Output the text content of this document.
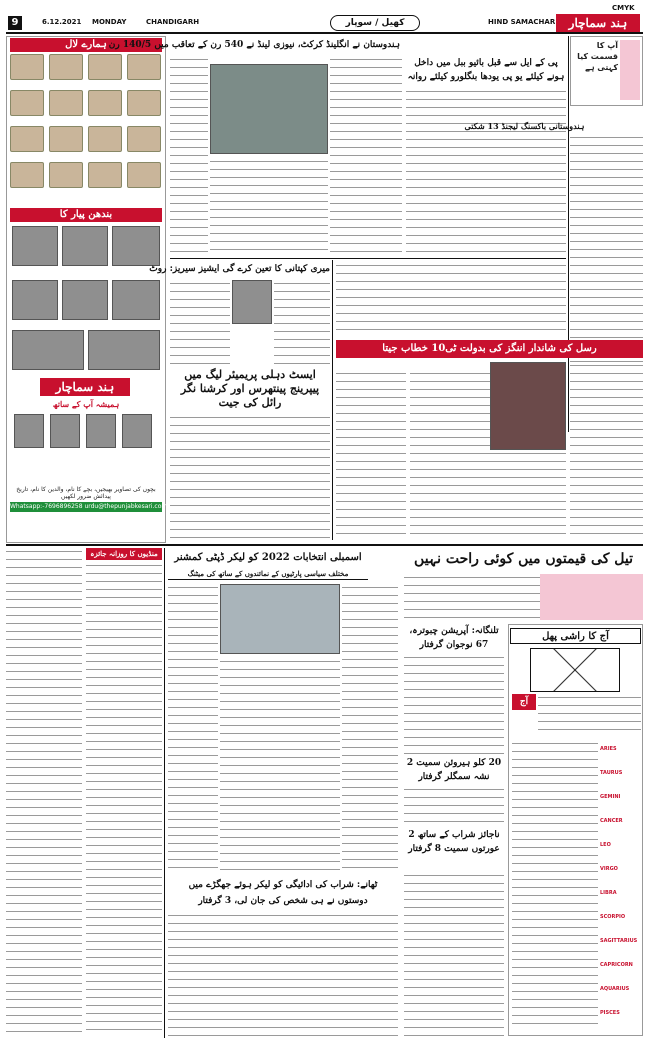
CMYK
9	6.12.2021 MONDAY	CHANDIGARH	کھیل / سوپار	HIND SAMACHAR	ہند سماچار
ہمارے لال
بندھن پیار کا
ہند سماچار
ہمیشہ آپ کے ساتھ
بچوں کی تصاویر بھیجیں، بچے کا نام، والدین کا نام، تاریخ پیدائش ضرور لکھیں
Whatsapp:-7696896258 urdu@thepunjabkesari.com
ہندوستان نے انگلینڈ کرکٹ، نیوزی لینڈ نے 540 رن کے تعاقب میں 140/5 رن
پی کے ایل سے قبل بائیو ببل میں داخل ہونے کیلئے یو پی یودھا بنگلورو کیلئے روانہ
آپ کا قسمت کیا کہتی ہے
ہندوستانی باکسنگ لیجنڈ 13 شکتی
میری کپتانی کا تعین کرے گی ایشیز سیریز: روٹ
ایسٹ دہلی پریمیئر لیگ میں پیپرینج پینتھرس اور کرشنا نگر رائل کی جیت
رسل کی شاندار اننگز کی بدولت ٹی10 خطاب جیتا
منڈیوں کا روزانہ جائزہ	اسمبلی انتخابات 2022 کو لیکر ڈپٹی کمشنر
مختلف سیاسی پارٹیوں کے نمائندوں کے ساتھ کی میٹنگ
تیل کی قیمتوں میں کوئی راحت نہیں
تلنگانہ: آپریشن چبوترہ، 67 نوجوان گرفتار
20 کلو ہیروئن سمیت 2 نشہ سمگلر گرفتار
ناجائز شراب کے ساتھ 2 عورتوں سمیت 8 گرفتار
ٹھانے: شراب کی ادائیگی کو لیکر ہوئے جھگڑے میں
دوستوں نے ہی شخص کی جان لی، 3 گرفتار
آج کا راشی پھل
آج
ARIES
TAURUS
GEMINI
CANCER
LEO
VIRGO
LIBRA
SCORPIO
SAGITTARIUS
CAPRICORN
AQUARIUS
PISCES
